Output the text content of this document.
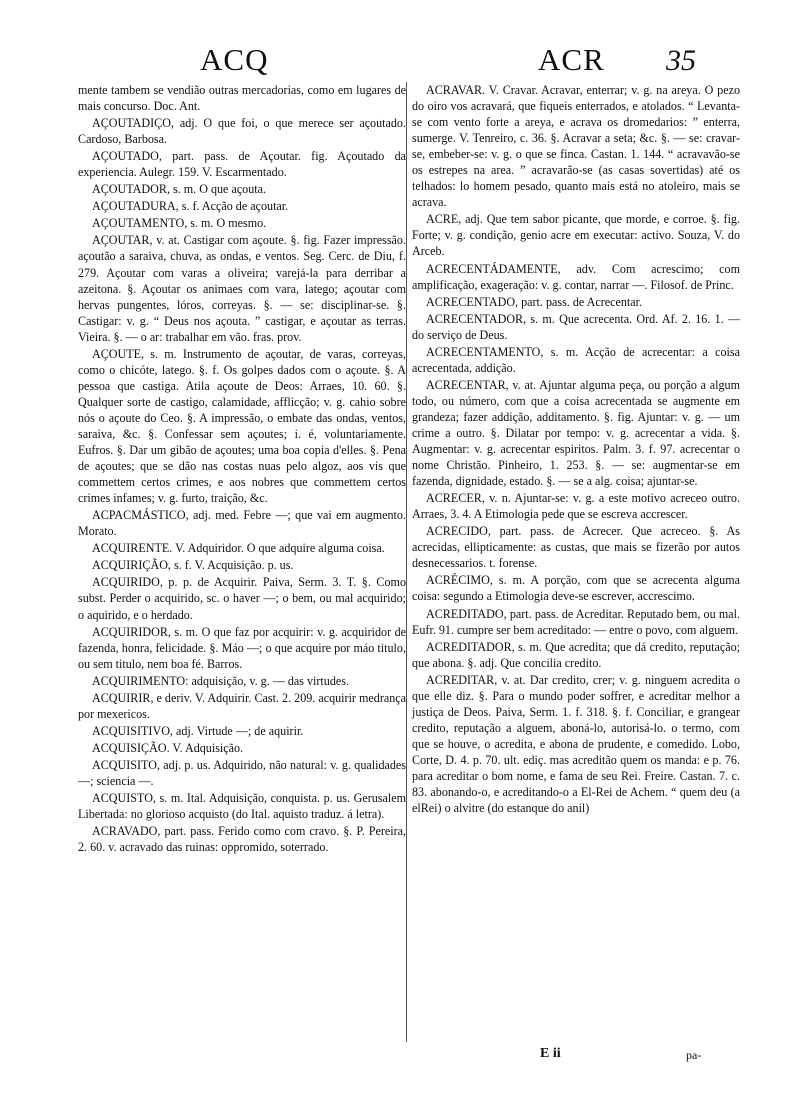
ACQ	ACR 35

mente tambem se vendião outras mercadorias, como em lugares de mais concurso. Doc. Ant.

AÇOUTADIÇO, adj. O que foi, o que merece ser açoutado. Cardoso, Barbosa.

AÇOUTADO, part. pass. de Açoutar. fig. Açoutado da experiencia. Aulegr. 159. V. Escarmentado.

AÇOUTADOR, s. m. O que açouta.

AÇOUTADURA, s. f. Acção de açoutar.

AÇOUTAMENTO, s. m. O mesmo.

AÇOUTAR, v. at. Castigar com açoute. §. fig. Fazer impressão. açoutão a saraiva, chuva, as ondas, e ventos. Seg. Cerc. de Diu, f. 279. Açoutar com varas a oliveira; varejá-la para derribar a azeitona. §. Açoutar os animaes com vara, latego; açoutar com hervas pungentes, lóros, correyas. §. — se: disciplinar-se. §. Castigar: v. g. “ Deus nos açouta. ” castigar, e açoutar as terras. Vieira. §. — o ar: trabalhar em vão. fras. prov.

AÇOUTE, s. m. Instrumento de açoutar, de varas, correyas, como o chicóte, latego. §. f. Os golpes dados com o açoute. §. A pessoa que castiga. Atila açoute de Deos: Arraes, 10. 60. §. Qualquer sorte de castigo, calamidade, afflicção; v. g. cahio sobre nós o açoute do Ceo. §. A impressão, o embate das ondas, ventos, saraiva, &c. §. Confessar sem açoutes; i. é, voluntariamente. Eufros. §. Dar um gibão de açoutes; uma boa copia d'elles. §. Pena de açoutes; que se dão nas costas nuas pelo algoz, aos vis que commettem certos crimes, e aos nobres que commettem certos crimes infames; v. g. furto, traição, &c.

ACPACMÁSTICO, adj. med. Febre —; que vai em augmento. Morato.

ACQUIRENTE. V. Adquiridor. O que adquire alguma coisa.

ACQUIRIÇÃO, s. f. V. Acquisição. p. us.

ACQUIRIDO, p. p. de Acquirir. Paiva, Serm. 3. T. §. Como subst. Perder o acquirido, sc. o haver —; o bem, ou mal acquirido; o aquirido, e o herdado.

ACQUIRIDOR, s. m. O que faz por acquirir: v. g. acquiridor de fazenda, honra, felicidade. §. Máo —; o que acquire por máo titulo, ou sem titulo, nem boa fé. Barros.

ACQUIRIMENTO: adquisição, v. g. — das virtudes.

ACQUIRIR, e deriv. V. Adquirir. Cast. 2. 209. acquirir medrança por mexericos.

ACQUISITIVO, adj. Virtude —; de aquirir.

ACQUISIÇÃO. V. Adquisição.

ACQUISITO, adj. p. us. Adquirido, não natural: v. g. qualidades —; sciencia —.

ACQUISTO, s. m. Ital. Adquisição, conquista. p. us. Gerusalem Libertada: no glorioso acquisto (do Ital. aquisto traduz. á letra).

ACRAVADO, part. pass. Ferido como com cravo. §. P. Pereira, 2. 60. v. acravado das ruinas: oppromido, soterrado.

ACRAVAR. V. Cravar. Acravar, enterrar; v. g. na areya. O pezo do oiro vos acravará, que fiqueis enterrados, e atolados. “ Levanta-se com vento forte a areya, e acrava os dromedarios: ” enterra, sumerge. V. Tenreiro, c. 36. §. Acravar a seta; &c. §. — se: cravar-se, embeber-se: v. g. o que se finca. Castan. 1. 144. “ acravavão-se os estrepes na area. ” acravarão-se (as casas sovertidas) até os telhados: lo homem pesado, quanto mais está no atoleiro, mais se acrava.

ACRE, adj. Que tem sabor picante, que morde, e corroe. §. fig. Forte; v. g. condição, genio acre em executar: activo. Souza, V. do Arceb.

ACRECENTÁDAMENTE, adv. Com acrescimo; com amplificação, exageração: v. g. contar, narrar —. Filosof. de Princ.

ACRECENTADO, part. pass. de Acrecentar.

ACRECENTADOR, s. m. Que acrecenta. Ord. Af. 2. 16. 1. — do serviço de Deus.

ACRECENTAMENTO, s. m. Acção de acrecentar: a coisa acrecentada, addição.

ACRECENTAR, v. at. Ajuntar alguma peça, ou porção a algum todo, ou número, com que a coisa acrecentada se augmente em grandeza; fazer addição, additamento. §. fig. Ajuntar: v. g. — um crime a outro. §. Dilatar por tempo: v. g. acrecentar a vida. §. Augmentar: v. g. acrecentar espiritos. Palm. 3. f. 97. acrecentar o nome Christão. Pinheiro, 1. 253. §. — se: augmentar-se em fazenda, dignidade, estado. §. — se a alg. coisa; ajuntar-se.

ACRECER, v. n. Ajuntar-se: v. g. a este motivo acreceo outro. Arraes, 3. 4. A Etimologia pede que se escreva accrescer.

ACRECIDO, part. pass. de Acrecer. Que acreceo. §. As acrecidas, ellipticamente: as custas, que mais se fizerão por autos desnecessarios. t. forense.

ACRÉCIMO, s. m. A porção, com que se acrecenta alguma coisa: segundo a Etimologia deve-se escrever, accrescimo.

ACREDITADO, part. pass. de Acreditar. Reputado bem, ou mal. Eufr. 91. cumpre ser bem acreditado: — entre o povo, com alguem.

ACREDITADOR, s. m. Que acredita; que dá credito, reputação; que abona. §. adj. Que concilia credito.

ACREDITAR, v. at. Dar credito, crer; v. g. ninguem acredita o que elle diz. §. Para o mundo poder soffrer, e acreditar melhor a justiça de Deos. Paiva, Serm. 1. f. 318. §. f. Conciliar, e grangear credito, reputação a alguem, aboná-lo, autorisá-lo. o termo, com que se houve, o acredita, e abona de prudente, e comedido. Lobo, Corte, D. 4. p. 70. ult. ediç. mas acreditão quem os manda: e p. 76. para acreditar o bom nome, e fama de seu Rei. Freire. Castan. 7. c. 83. abonando-o, e acreditando-o a El-Rei de Achem. “ quem deu (a elRei) o alvitre (do estanque do anil)

E ii	pa-
